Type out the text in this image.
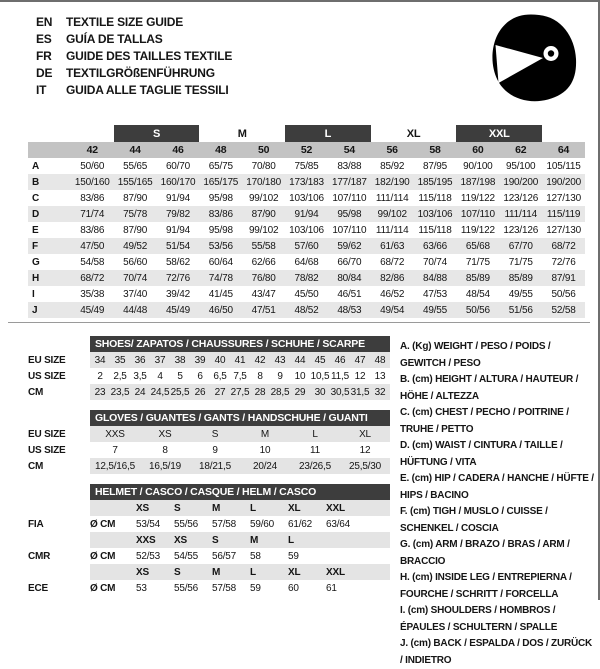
EN	TEXTILE SIZE GUIDE
ES	GUÍA DE TALLAS
FR	GUIDE DES TAILLES TEXTILE
DE	TEXTILGRÖßENFÜHRUNG
IT	GUIDA ALLE TAGLIE TESSILI
		S		M		L		XL		XXL		
	42	44	46	48	50	52	54	56	58	60	62	64
A	50/60	55/65	60/70	65/75	70/80	75/85	83/88	85/92	87/95	90/100	95/100	105/115
B	150/160	155/165	160/170	165/175	170/180	173/183	177/187	182/190	185/195	187/198	190/200	190/200
C	83/86	87/90	91/94	95/98	99/102	103/106	107/110	111/114	115/118	119/122	123/126	127/130
D	71/74	75/78	79/82	83/86	87/90	91/94	95/98	99/102	103/106	107/110	111/114	115/119
E	83/86	87/90	91/94	95/98	99/102	103/106	107/110	111/114	115/118	119/122	123/126	127/130
F	47/50	49/52	51/54	53/56	55/58	57/60	59/62	61/63	63/66	65/68	67/70	68/72
G	54/58	56/60	58/62	60/64	62/66	64/68	66/70	68/72	70/74	71/75	71/75	72/76
H	68/72	70/74	72/76	74/78	76/80	78/82	80/84	82/86	84/88	85/89	85/89	87/91
I	35/38	37/40	39/42	41/45	43/47	45/50	46/51	46/52	47/53	48/54	49/55	50/56
J	45/49	44/48	45/49	46/50	47/51	48/52	48/53	49/54	49/55	50/56	51/56	52/58
SHOES/ ZAPATOS / CHAUSSURES / SCHUHE / SCARPE
EU SIZE	34 35 36 37 38 39 40 41 42 43 44 45 46 47 48
US SIZE	2	2,5 3,5	4	5	6	6,5 7,5	8	9	10 10,5 11,5 12 13
CM	23 23,5 24 24,5 25,5 26 27 27,5 28 28,5 29 30 30,5 31,5 32
GLOVES / GUANTES / GANTS / HANDSCHUHE / GUANTI
EU SIZE	XXS	XS	S	M	L	XL
US SIZE	7	8	9	10	11	12
CM	12,5/16,5	16,5/19	18/21,5	20/24	23/26,5	25,5/30
HELMET / CASCO / CASQUE / HELM / CASCO
XS	S	M	L	XL	XXL
FIA	Ø CM	53/54	55/56	57/58	59/60	61/62	63/64
XXS	XS	S	M	L
CMR	Ø CM	52/53	54/55	56/57	58	59
XS	S	M	L	XL	XXL
ECE	Ø CM	53	55/56	57/58	59	60	61
A. (Kg) WEIGHT / PESO / POIDS / GEWITCH / PESO
B. (cm) HEIGHT / ALTURA / HAUTEUR / HÖHE / ALTEZZA
C. (cm) CHEST / PECHO / POITRINE / TRUHE / PETTO
D. (cm) WAIST / CINTURA / TAILLE / HÜFTUNG / VITA
E. (cm) HIP / CADERA / HANCHE / HÜFTE / HIPS / BACINO
F. (cm) TIGH / MUSLO / CUISSE / SCHENKEL / COSCIA
G. (cm) ARM / BRAZO / BRAS / ARM / BRACCIO
H. (cm) INSIDE LEG / ENTREPIERNA / FOURCHE / SCHRITT / FORCELLA
I. (cm) SHOULDERS / HOMBROS / ÉPAULES / SCHULTERN / SPALLE
J. (cm) BACK / ESPALDA / DOS / ZURÜCK / INDIETRO
